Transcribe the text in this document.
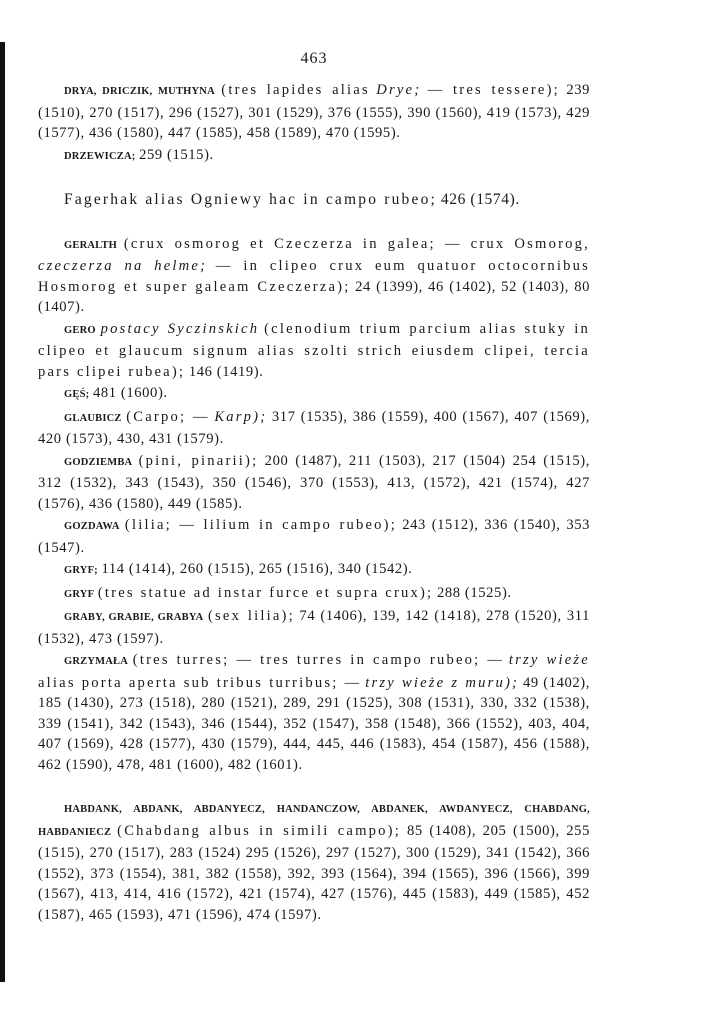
463

DRYA, DRICZIK, MUTHYNA (tres lapides alias Drye; — tres tessere); 239 (1510), 270 (1517), 296 (1527), 301 (1529), 376 (1555), 390 (1560), 419 (1573), 429 (1577), 436 (1580), 447 (1585), 458 (1589), 470 (1595).

DRZEWICZA; 259 (1515).

Fagerhak alias Ogniewy hac in campo rubeo; 426 (1574).

GERALTH (crux osmorog et Czeczerza in galea; — crux Osmorog, czeczerza na helme; — in clipeo crux eum quatuor octocornibus Hosmorog et super galeam Czeczerza); 24 (1399), 46 (1402), 52 (1403), 80 (1407).

GERO postacy Syczinskich (clenodium trium parcium alias stuky in clipeo et glaucum signum alias szolti strich eiusdem clipei, tercia pars clipei rubea); 146 (1419).

GĘŚ; 481 (1600).

GLAUBICZ (Carpo; — Karp); 317 (1535), 386 (1559), 400 (1567), 407 (1569), 420 (1573), 430, 431 (1579).

GODZIEMBA (pini, pinarii); 200 (1487), 211 (1503), 217 (1504) 254 (1515), 312 (1532), 343 (1543), 350 (1546), 370 (1553), 413, (1572), 421 (1574), 427 (1576), 436 (1580), 449 (1585).

GOZDAWA (lilia; — lilium in campo rubeo); 243 (1512), 336 (1540), 353 (1547).

GRYF; 114 (1414), 260 (1515), 265 (1516), 340 (1542).

GRYF (tres statue ad instar furce et supra crux); 288 (1525).

GRABY, GRABIE, GRABYA (sex lilia); 74 (1406), 139, 142 (1418), 278 (1520), 311 (1532), 473 (1597).

GRZYMAŁA (tres turres; — tres turres in campo rubeo; — trzy wieże alias porta aperta sub tribus turribus; — trzy wieże z muru); 49 (1402), 185 (1430), 273 (1518), 280 (1521), 289, 291 (1525), 308 (1531), 330, 332 (1538), 339 (1541), 342 (1543), 346 (1544), 352 (1547), 358 (1548), 366 (1552), 403, 404, 407 (1569), 428 (1577), 430 (1579), 444, 445, 446 (1583), 454 (1587), 456 (1588), 462 (1590), 478, 481 (1600), 482 (1601).

HABDANK, ABDANK, ABDANYECZ, HANDANCZOW, ABDANEK, AWDANYECZ, CHABDANG, HABDANIECZ (Chabdang albus in simili campo); 85 (1408), 205 (1500), 255 (1515), 270 (1517), 283 (1524) 295 (1526), 297 (1527), 300 (1529), 341 (1542), 366 (1552), 373 (1554), 381, 382 (1558), 392, 393 (1564), 394 (1565), 396 (1566), 399 (1567), 413, 414, 416 (1572), 421 (1574), 427 (1576), 445 (1583), 449 (1585), 452 (1587), 465 (1593), 471 (1596), 474 (1597).
